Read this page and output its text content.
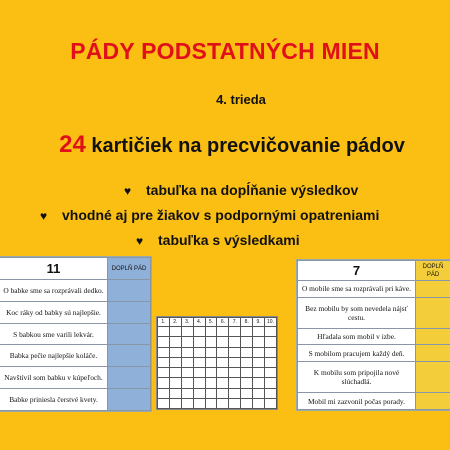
PÁDY PODSTATNÝCH MIEN
4. trieda
24 kartičiek na precvičovanie pádov
♥ tabuľka na dopĺňanie výsledkov
♥ vhodné aj pre žiakov s podpornými opatreniami
♥ tabuľka s výsledkami
11	DOPLŇ PÁD
O babke sme sa rozprávali dedko.	
Koc ráky od babky sú najlepšie.	
S babkou sme varili lekvár.	
Babka pečie najlepšie koláče.	
Navštívil som babku v kúpeľoch.	
Babke priniesla čerstvé kvety.	
1.	2.	3.	4.	5.	6.	7.	8.	9.	10.

7	DOPLŇ PÁD
O mobile sme sa rozprávali pri káve.	
Bez mobilu by som nevedela nájsť cestu.	
Hľadala som mobil v izbe.	
S mobilom pracujem každý deň.	
K mobilu som pripojila nové slúchadlá.	
Mobil mi zazvonil počas porady.	
